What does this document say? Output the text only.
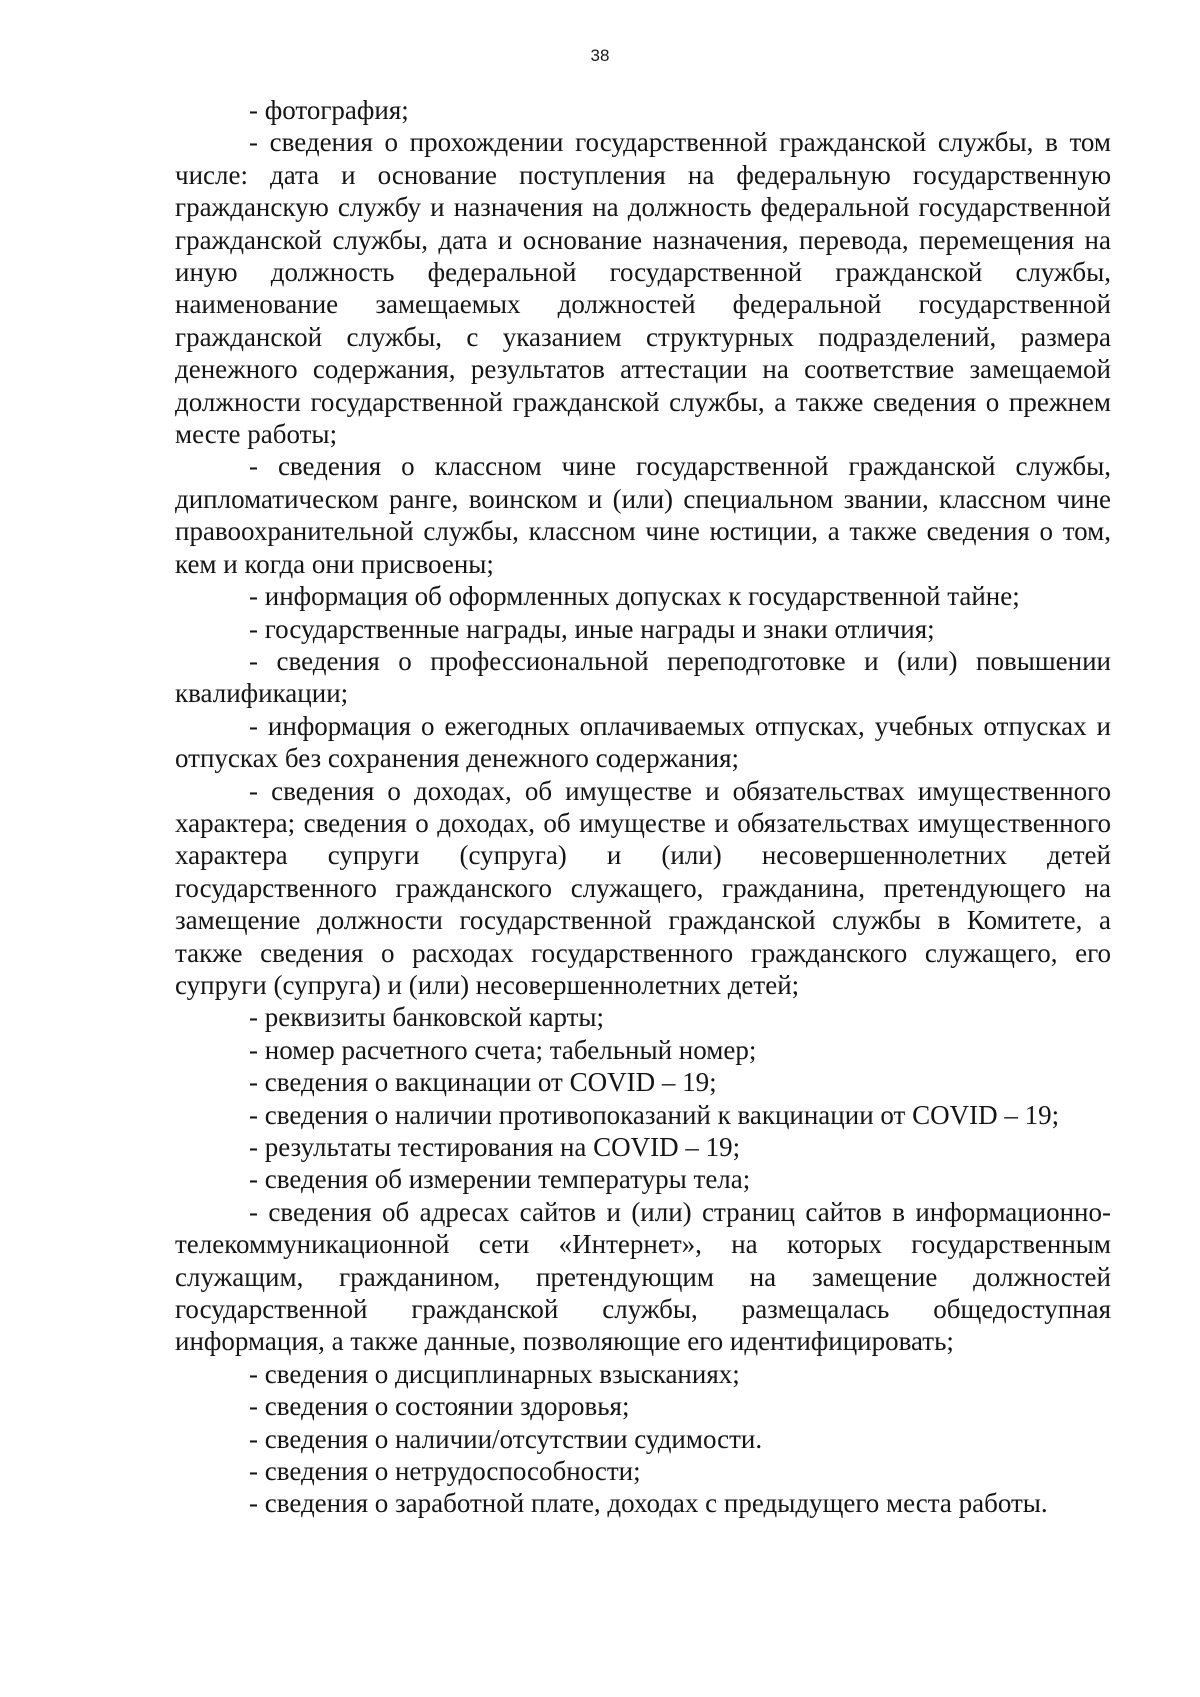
38

- фотография;

- сведения о прохождении государственной гражданской службы, в том числе: дата и основание поступления на федеральную государственную гражданскую службу и назначения на должность федеральной государственной гражданской службы, дата и основание назначения, перевода, перемещения на иную должность федеральной государственной гражданской службы, наименование замещаемых должностей федеральной государственной гражданской службы, с указанием структурных подразделений, размера денежного содержания, результатов аттестации на соответствие замещаемой должности государственной гражданской службы, а также сведения о прежнем месте работы;

- сведения о классном чине государственной гражданской службы, дипломатическом ранге, воинском и (или) специальном звании, классном чине правоохранительной службы, классном чине юстиции, а также сведения о том, кем и когда они присвоены;

- информация об оформленных допусках к государственной тайне;

- государственные награды, иные награды и знаки отличия;

- сведения о профессиональной переподготовке и (или) повышении квалификации;

- информация о ежегодных оплачиваемых отпусках, учебных отпусках и отпусках без сохранения денежного содержания;

- сведения о доходах, об имуществе и обязательствах имущественного характера; сведения о доходах, об имуществе и обязательствах имущественного характера супруги (супруга) и (или) несовершеннолетних детей государственного гражданского служащего, гражданина, претендующего на замещение должности государственной гражданской службы в Комитете, а также сведения о расходах государственного гражданского служащего, его супруги (супруга) и (или) несовершеннолетних детей;

- реквизиты банковской карты;

- номер расчетного счета; табельный номер;

- сведения о вакцинации от COVID – 19;

- сведения о наличии противопоказаний к вакцинации от COVID – 19;

- результаты тестирования на COVID – 19;

- сведения об измерении температуры тела;

- сведения об адресах сайтов и (или) страниц сайтов в информационно-телекоммуникационной сети «Интернет», на которых государственным служащим, гражданином, претендующим на замещение должностей государственной гражданской службы, размещалась общедоступная информация, а также данные, позволяющие его идентифицировать;

- сведения о дисциплинарных взысканиях;

- сведения о состоянии здоровья;

- сведения о наличии/отсутствии судимости.

- сведения о нетрудоспособности;

- сведения о заработной плате, доходах с предыдущего места работы.
